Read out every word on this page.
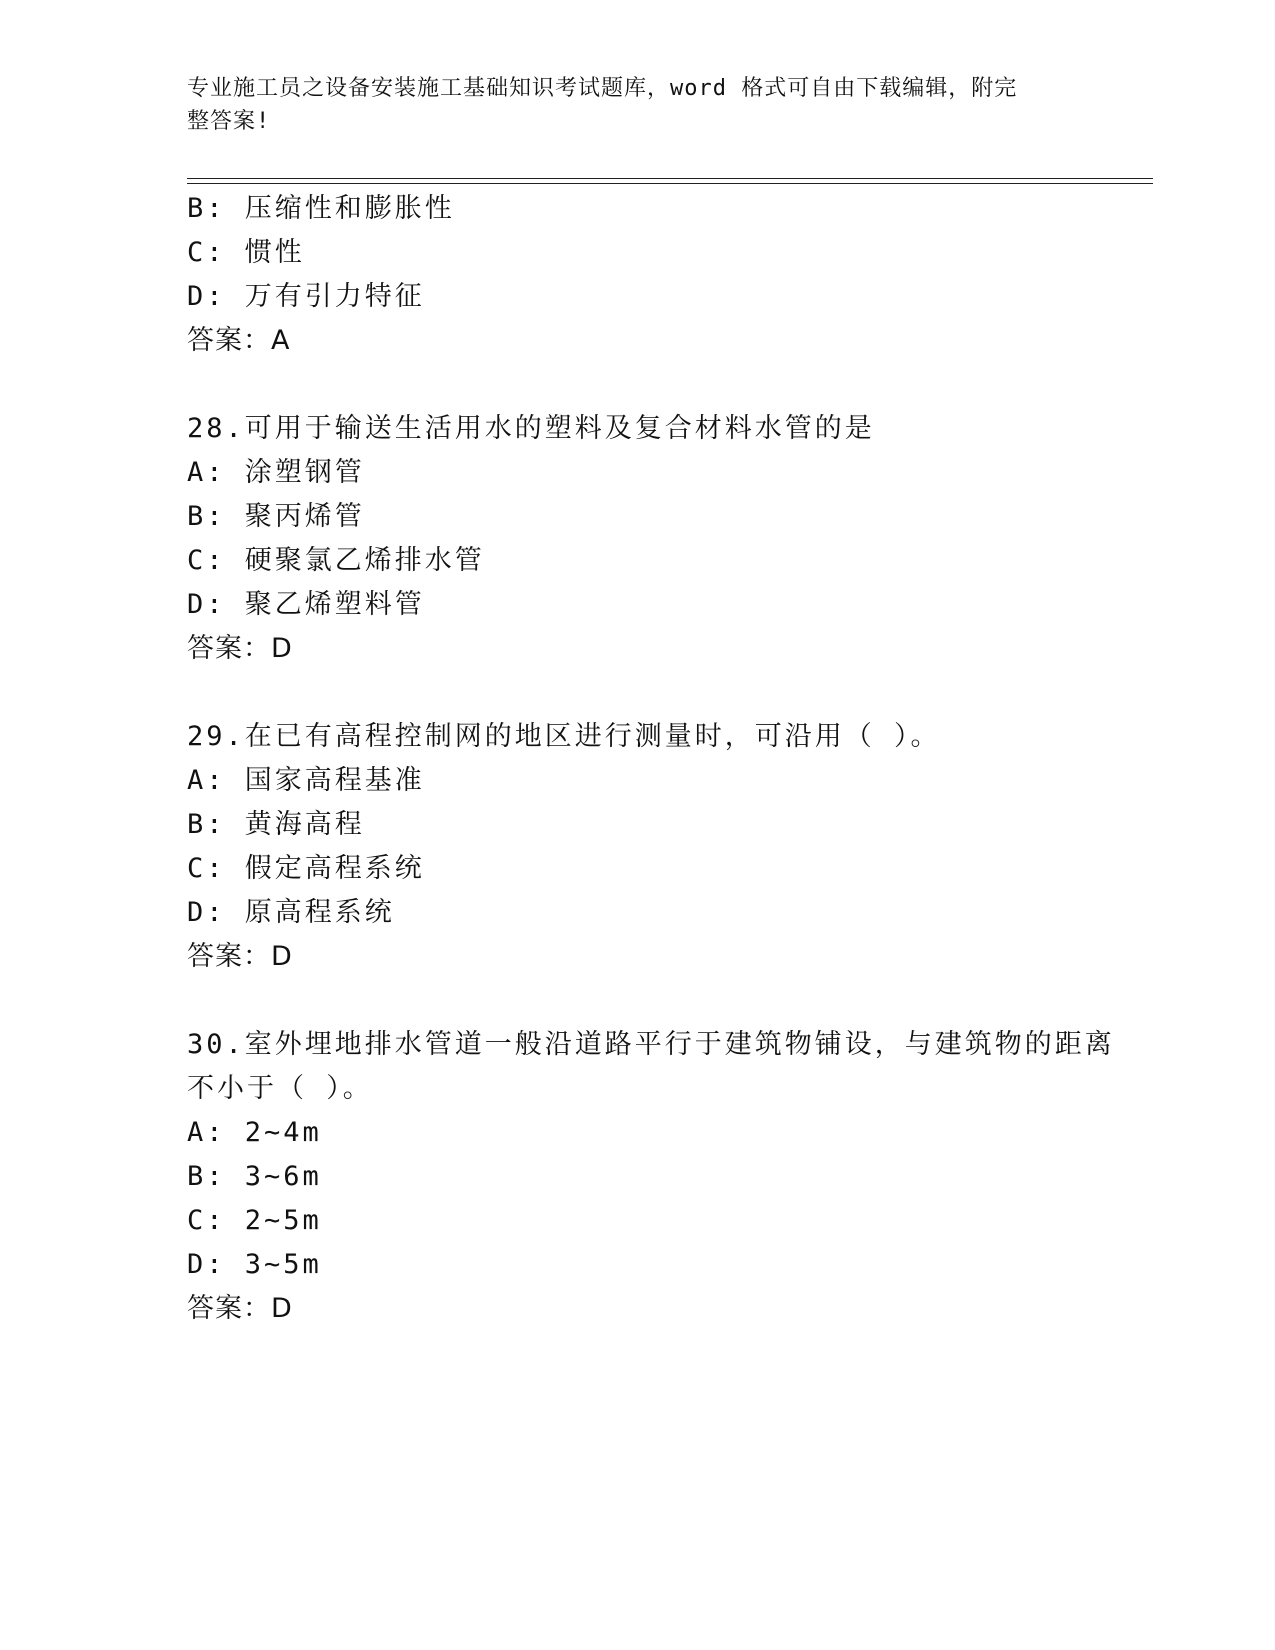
专业施工员之设备安装施工基础知识考试题库，word 格式可自由下载编辑，附完
整答案!
B: 压缩性和膨胀性
C: 惯性
D: 万有引力特征
答案：A
28.可用于输送生活用水的塑料及复合材料水管的是
A: 涂塑钢管
B: 聚丙烯管
C: 硬聚氯乙烯排水管
D: 聚乙烯塑料管
答案：D
29.在已有高程控制网的地区进行测量时，可沿用（ ）。
A: 国家高程基准
B: 黄海高程
C: 假定高程系统
D: 原高程系统
答案：D
30.室外埋地排水管道一般沿道路平行于建筑物铺设，与建筑物的距离
不小于（ ）。
A: 2~4m
B: 3~6m
C: 2~5m
D: 3~5m
答案：D
